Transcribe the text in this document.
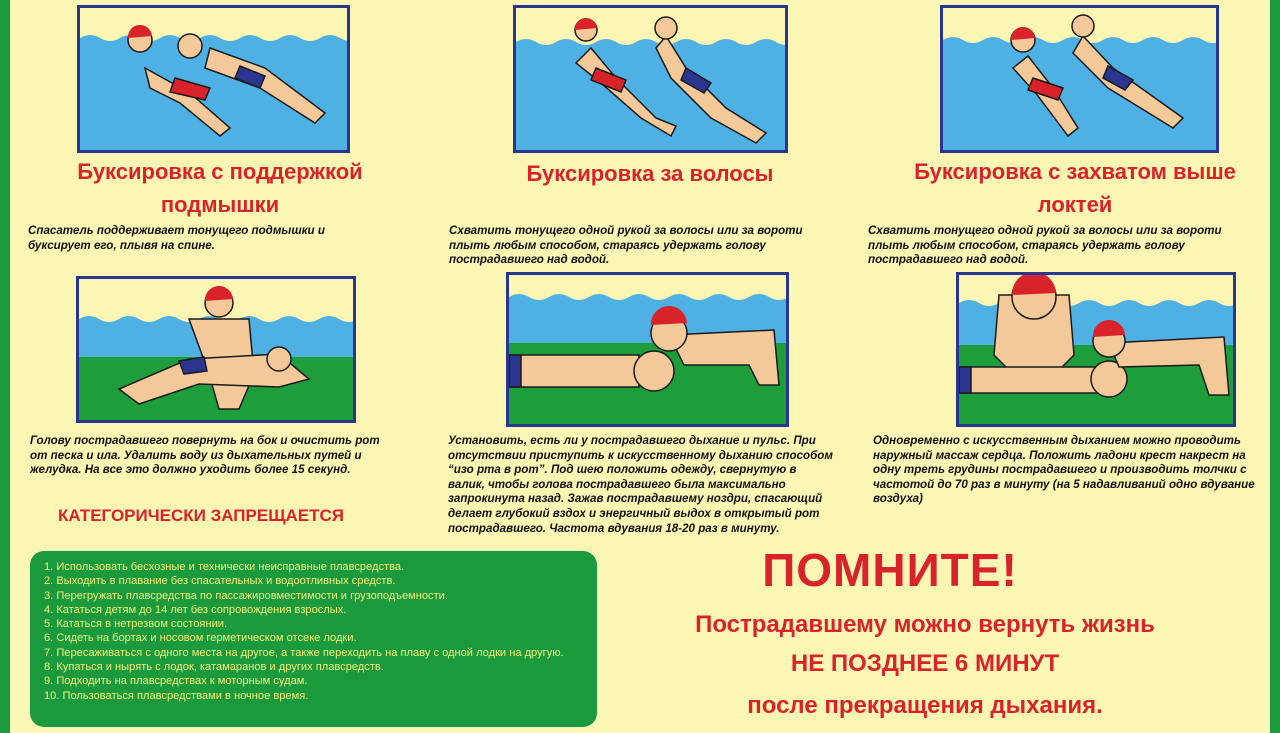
Буксировка с поддержкой подмышки
Буксировка за волосы	Буксировка с захватом выше локтей
Спасатель поддерживает тонущего подмышки и буксирует его, плывя на спине.
Схватить тонущего одной рукой за волосы или за вороти плыть любым способом, стараясь удержать голову пострадавшего над водой.
Схватить тонущего одной рукой за волосы или за вороти плыть любым способом, стараясь удержать голову пострадавшего над водой.
Голову пострадавшего повернуть на бок и очистить рот от песка и ила. Удалить воду из дыхательных путей и желудка. На все это должно уходить более 15 секунд.
Установить, есть ли у пострадавшего дыхание и пульс. При отсутствии приступить к искусственному дыханию способом “изо рта в рот”. Под шею положить одежду, свернутую в валик, чтобы голова пострадавшего была максимально запрокинута назад. Зажав пострадавшему ноздри, спасающий делает глубокий вздох и энергичный выдох в открытый рот пострадавшего. Частота вдувания 18-20 раз в минуту.
Одновременно с искусственным дыханием можно проводить наружный массаж сердца. Положить ладони крест накрест на одну треть грудины пострадавшего и производить толчки с частотой до 70 раз в минуту (на 5 надавливаний одно вдувание воздуха)
КАТЕГОРИЧЕСКИ ЗАПРЕЩАЕТСЯ
1. Использовать бесхозные и технически неисправные плавсредства.
2. Выходить в плавание без спасательных и водоотливных средств.
3. Перегружать плавсредства по пассажировместимости и грузоподъемности.
4. Кататься детям до 14 лет без сопровождения взрослых.
5. Кататься в нетрезвом состоянии.
6. Сидеть на бортах и носовом герметическом отсеке лодки.
7. Пересаживаться с одного места на другое, а также переходить на плаву с одной лодки на другую.
8. Купаться и нырять с лодок, катамаранов и других плавсредств.
9. Подходить на плавсредствах к моторным судам.
10. Пользоваться плавсредствами в ночное время.
ПОМНИТЕ!
Пострадавшему можно вернуть жизнь
НЕ ПОЗДНЕЕ 6 МИНУТ
после прекращения дыхания.
